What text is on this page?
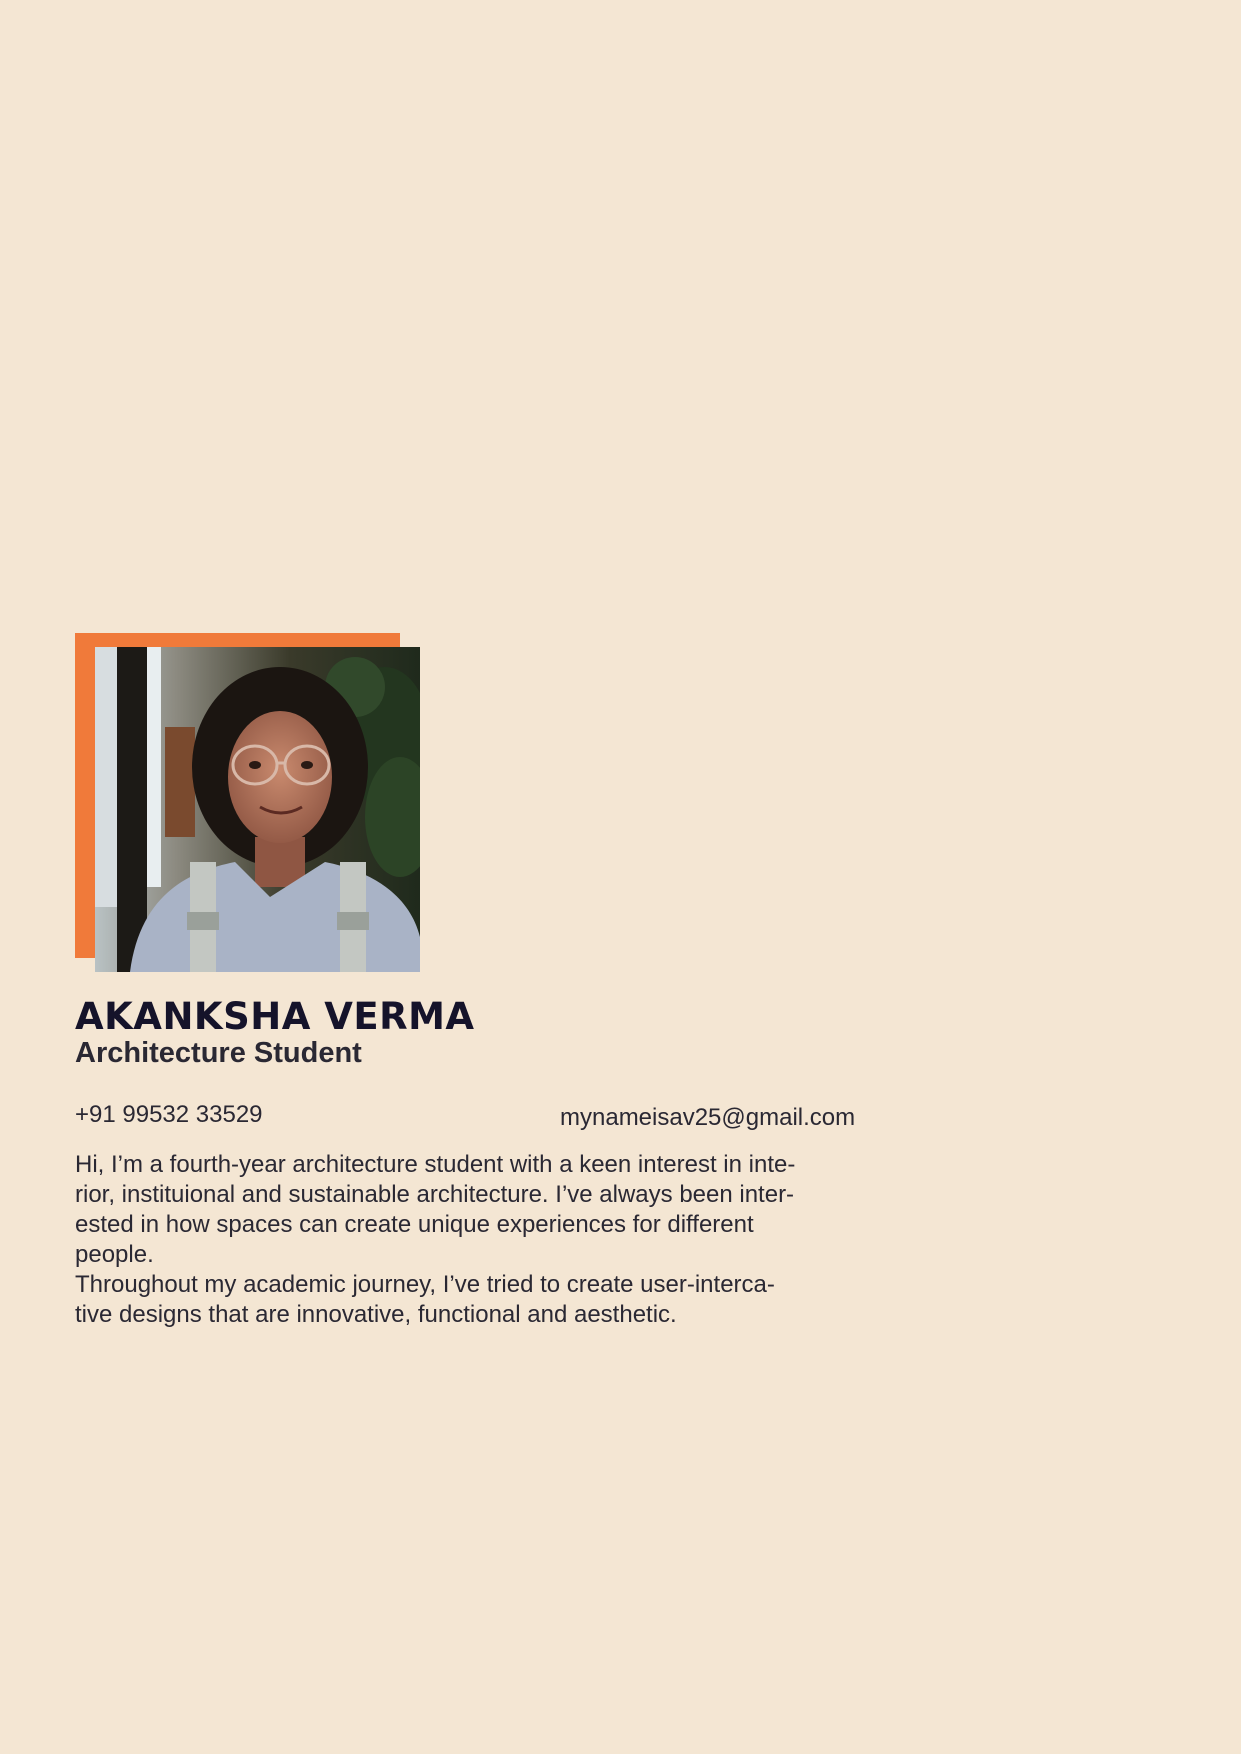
AKANKSHA VERMA
Architecture Student
+91 99532 33529	mynameisav25@gmail.com
Hi, I’m a fourth-year architecture student with a keen interest in inte-
rior, instituional and sustainable architecture. I’ve always been inter-
ested in how spaces can create unique experiences for different
people.
Throughout my academic journey, I’ve tried to create user-interca-
tive designs that are innovative, functional and aesthetic.
